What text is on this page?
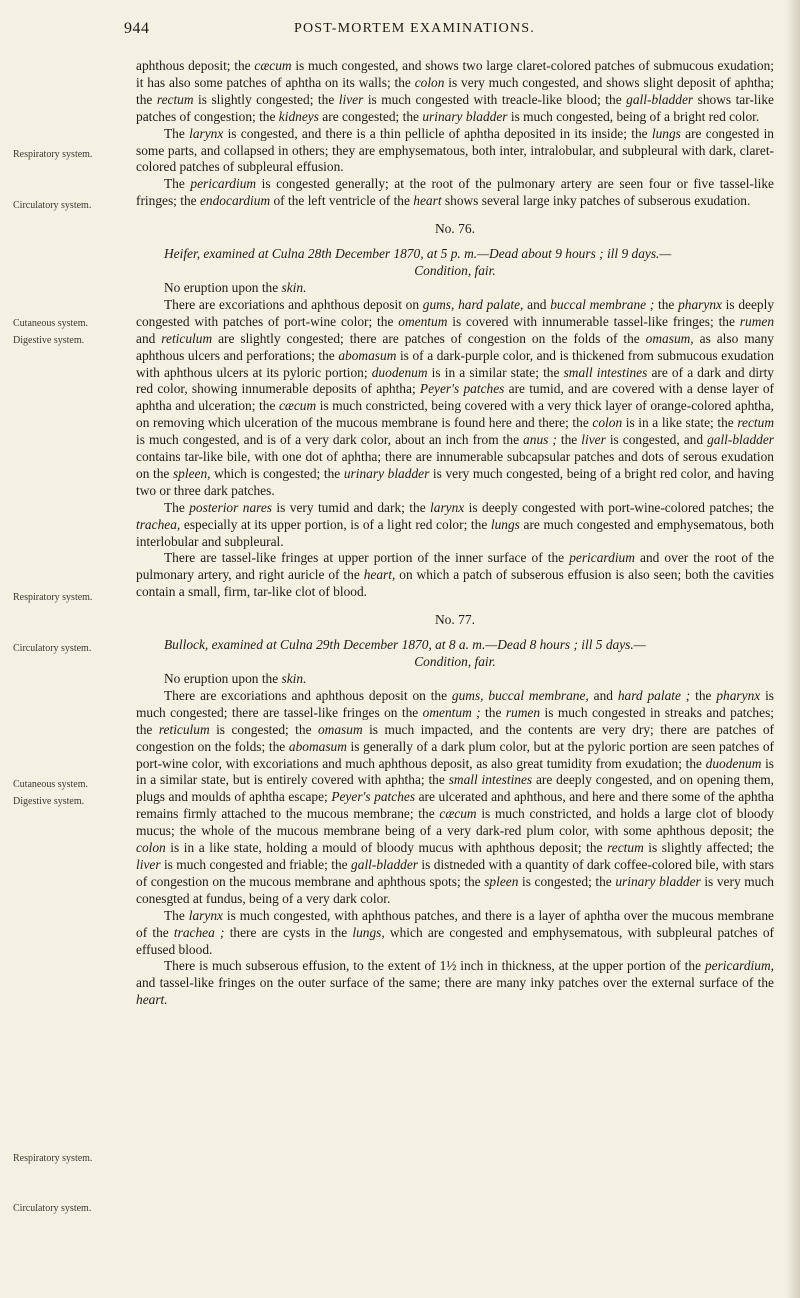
944	POST-MORTEM EXAMINATIONS.
Respiratory system.
Circulatory system.
Cutaneous system.
Digestive system.
Respiratory system.
Circulatory system.
Cutaneous system.
Digestive system.
Respiratory system.
Circulatory system.

aphthous deposit; the cæcum is much congested, and shows two large claret-colored patches of submucous exudation; it has also some patches of aphtha on its walls; the colon is very much congested, and shows slight deposit of aphtha; the rectum is slightly congested; the liver is much congested with treacle-like blood; the gall-bladder shows tar-like patches of congestion; the kidneys are congested; the urinary bladder is much congested, being of a bright red color.

The larynx is congested, and there is a thin pellicle of aphtha deposited in its inside; the lungs are congested in some parts, and collapsed in others; they are emphysematous, both inter, intralobular, and subpleural with dark, claret-colored patches of subpleural effusion.

The pericardium is congested generally; at the root of the pulmonary artery are seen four or five tassel-like fringes; the endocardium of the left ventricle of the heart shows several large inky patches of subserous exudation.

No. 76.
Heifer, examined at Culna 28th December 1870, at 5 p. m.—Dead about 9 hours ; ill 9 days.—
Condition, fair.

No eruption upon the skin.

There are excoriations and aphthous deposit on gums, hard palate, and buccal membrane ; the pharynx is deeply congested with patches of port-wine color; the omentum is covered with innumerable tassel-like fringes; the rumen and reticulum are slightly congested; there are patches of congestion on the folds of the omasum, as also many aphthous ulcers and perforations; the abomasum is of a dark-purple color, and is thickened from submucous exudation with aphthous ulcers at its pyloric portion; duodenum is in a similar state; the small intestines are of a dark and dirty red color, showing innumerable deposits of aphtha; Peyer's patches are tumid, and are covered with a dense layer of aphtha and ulceration; the cæcum is much constricted, being covered with a very thick layer of orange-colored aphtha, on removing which ulceration of the mucous membrane is found here and there; the colon is in a like state; the rectum is much congested, and is of a very dark color, about an inch from the anus ; the liver is congested, and gall-bladder contains tar-like bile, with one dot of aphtha; there are innumerable subcapsular patches and dots of serous exudation on the spleen, which is congested; the urinary bladder is very much congested, being of a bright red color, and having two or three dark patches.

The posterior nares is very tumid and dark; the larynx is deeply congested with port-wine-colored patches; the trachea, especially at its upper portion, is of a light red color; the lungs are much congested and emphysematous, both interlobular and subpleural.

There are tassel-like fringes at upper portion of the inner surface of the pericardium and over the root of the pulmonary artery, and right auricle of the heart, on which a patch of subserous effusion is also seen; both the cavities contain a small, firm, tar-like clot of blood.

No. 77.
Bullock, examined at Culna 29th December 1870, at 8 a. m.—Dead 8 hours ; ill 5 days.—
Condition, fair.

No eruption upon the skin.

There are excoriations and aphthous deposit on the gums, buccal membrane, and hard palate ; the pharynx is much congested; there are tassel-like fringes on the omentum ; the rumen is much congested in streaks and patches; the reticulum is congested; the omasum is much impacted, and the contents are very dry; there are patches of congestion on the folds; the abomasum is generally of a dark plum color, but at the pyloric portion are seen patches of port-wine color, with excoriations and much aphthous deposit, as also great tumidity from exudation; the duodenum is in a similar state, but is entirely covered with aphtha; the small intestines are deeply congested, and on opening them, plugs and moulds of aphtha escape; Peyer's patches are ulcerated and aphthous, and here and there some of the aphtha remains firmly attached to the mucous membrane; the cæcum is much constricted, and holds a large clot of bloody mucus; the whole of the mucous membrane being of a very dark-red plum color, with some aphthous deposit; the colon is in a like state, holding a mould of bloody mucus with aphthous deposit; the rectum is slightly affected; the liver is much congested and friable; the gall-bladder is distneded with a quantity of dark coffee-colored bile, with stars of congestion on the mucous membrane and aphthous spots; the spleen is congested; the urinary bladder is very much conesgted at fundus, being of a very dark color.

The larynx is much congested, with aphthous patches, and there is a layer of aphtha over the mucous membrane of the trachea ; there are cysts in the lungs, which are congested and emphysematous, with subpleural patches of effused blood.

There is much subserous effusion, to the extent of 1½ inch in thickness, at the upper portion of the pericardium, and tassel-like fringes on the outer surface of the same; there are many inky patches over the external surface of the heart.
